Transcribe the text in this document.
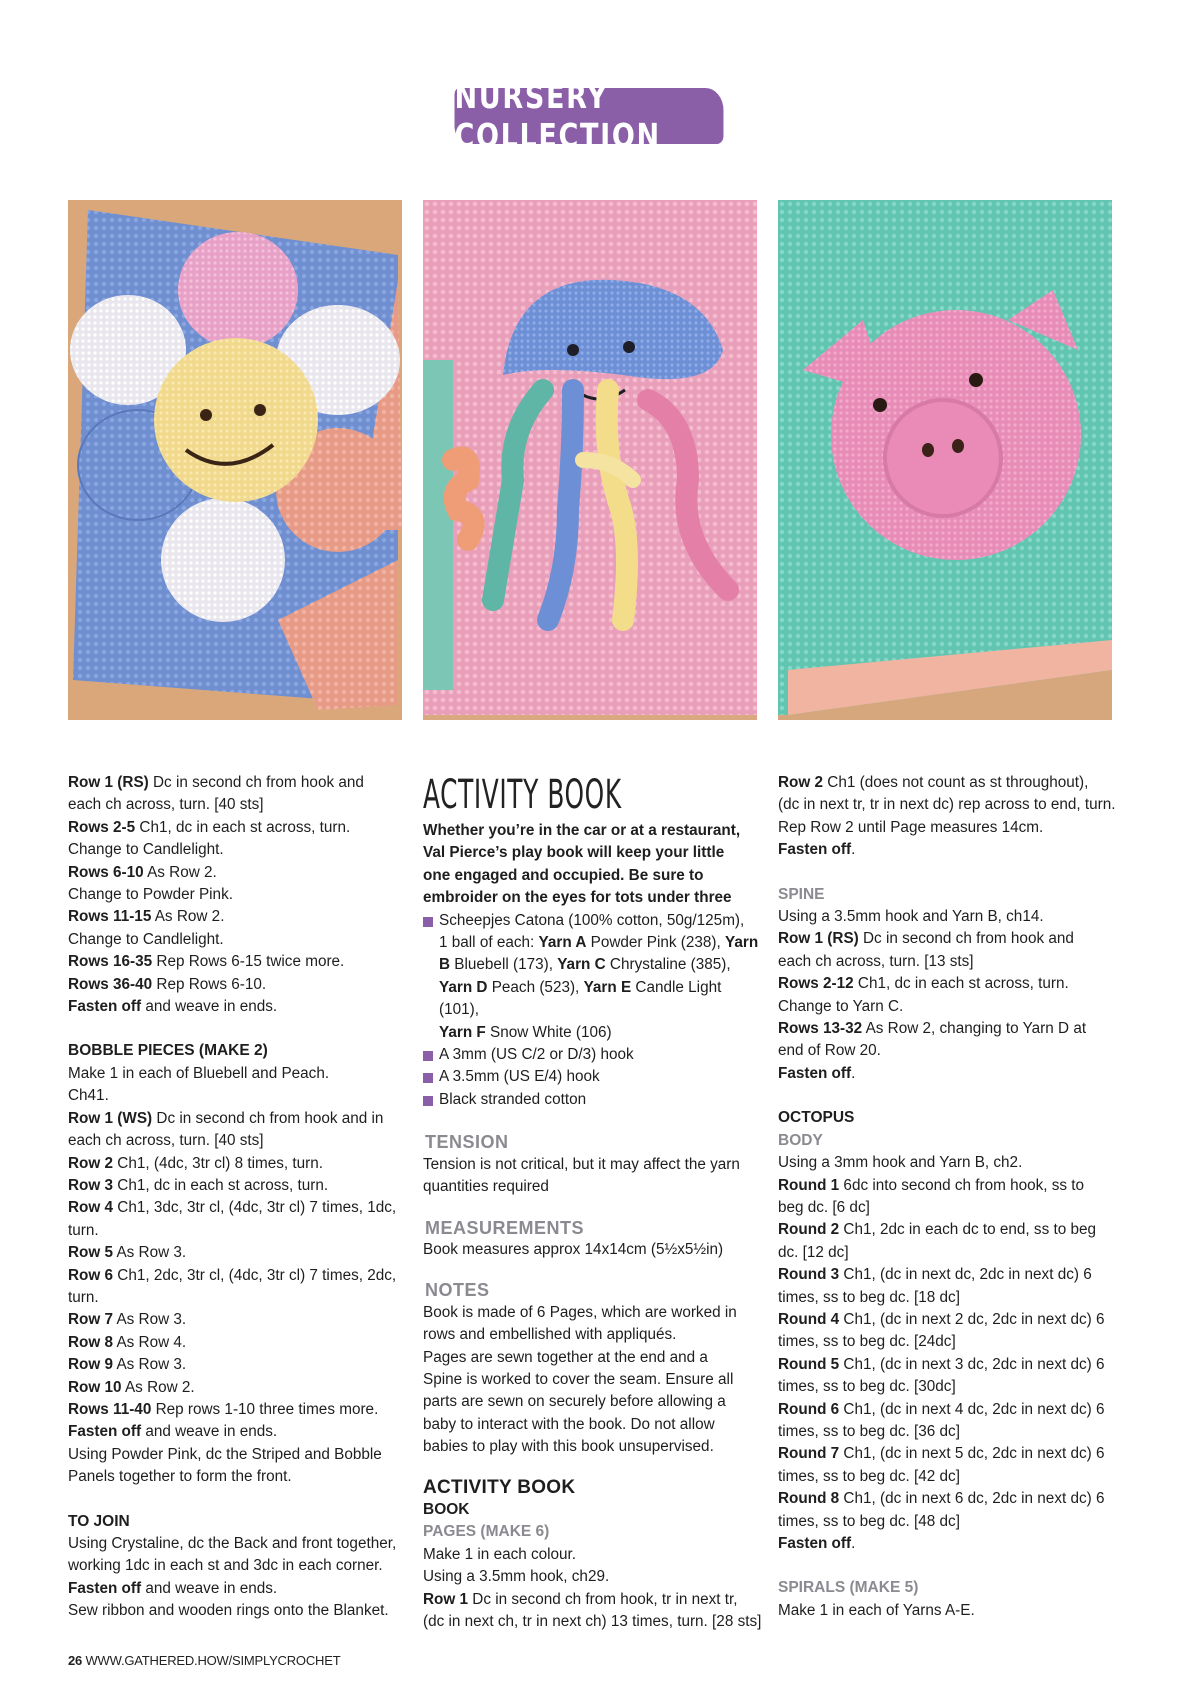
NURSERY COLLECTION

Row 1 (RS) Dc in second ch from hook and

each ch across, turn. [40 sts]

Rows 2-5 Ch1, dc in each st across, turn.

Change to Candlelight.

Rows 6-10 As Row 2.

Change to Powder Pink.

Rows 11-15 As Row 2.

Change to Candlelight.

Rows 16-35 Rep Rows 6-15 twice more.

Rows 36-40 Rep Rows 6-10.

Fasten off and weave in ends.

BOBBLE PIECES (MAKE 2)

Make 1 in each of Bluebell and Peach.

Ch41.

Row 1 (WS) Dc in second ch from hook and in

each ch across, turn. [40 sts]

Row 2 Ch1, (4dc, 3tr cl) 8 times, turn.

Row 3 Ch1, dc in each st across, turn.

Row 4 Ch1, 3dc, 3tr cl, (4dc, 3tr cl) 7 times, 1dc,

turn.

Row 5 As Row 3.

Row 6 Ch1, 2dc, 3tr cl, (4dc, 3tr cl) 7 times, 2dc,

turn.

Row 7 As Row 3.

Row 8 As Row 4.

Row 9 As Row 3.

Row 10 As Row 2.

Rows 11-40 Rep rows 1-10 three times more.

Fasten off and weave in ends.

Using Powder Pink, dc the Striped and Bobble

Panels together to form the front.

TO JOIN

Using Crystaline, dc the Back and front together,

working 1dc in each st and 3dc in each corner.

Fasten off and weave in ends.

Sew ribbon and wooden rings onto the Blanket.

ACTIVITY BOOK

Whether you’re in the car or at a restaurant,

Val Pierce’s play book will keep your little

one engaged and occupied. Be sure to

embroider on the eyes for tots under three

Scheepjes Catona (100% cotton, 50g/125m),
1 ball of each: Yarn A Powder Pink (238), Yarn

B Bluebell (173), Yarn C Chrystaline (385),

Yarn D Peach (523), Yarn E Candle Light (101),

Yarn F Snow White (106)

A 3mm (US C/2 or D/3) hook

A 3.5mm (US E/4) hook

Black stranded cotton

TENSION

Tension is not critical, but it may affect the yarn

quantities required

MEASUREMENTS

Book measures approx 14x14cm (5½x5½in)

NOTES

Book is made of 6 Pages, which are worked in

rows and embellished with appliqués.

Pages are sewn together at the end and a

Spine is worked to cover the seam. Ensure all

parts are sewn on securely before allowing a

baby to interact with the book. Do not allow

babies to play with this book unsupervised.

ACTIVITY BOOK

BOOK

PAGES (MAKE 6)

Make 1 in each colour.

Using a 3.5mm hook, ch29.

Row 1 Dc in second ch from hook, tr in next tr,

(dc in next ch, tr in next ch) 13 times, turn. [28 sts]

Row 2 Ch1 (does not count as st throughout),

(dc in next tr, tr in next dc) rep across to end, turn.

Rep Row 2 until Page measures 14cm.

Fasten off.

SPINE

Using a 3.5mm hook and Yarn B, ch14.

Row 1 (RS) Dc in second ch from hook and

each ch across, turn. [13 sts]

Rows 2-12 Ch1, dc in each st across, turn.

Change to Yarn C.

Rows 13-32 As Row 2, changing to Yarn D at

end of Row 20.

Fasten off.

OCTOPUS

BODY

Using a 3mm hook and Yarn B, ch2.

Round 1 6dc into second ch from hook, ss to

beg dc. [6 dc]

Round 2 Ch1, 2dc in each dc to end, ss to beg

dc. [12 dc]

Round 3 Ch1, (dc in next dc, 2dc in next dc) 6

times, ss to beg dc. [18 dc]

Round 4 Ch1, (dc in next 2 dc, 2dc in next dc) 6

times, ss to beg dc. [24dc]

Round 5 Ch1, (dc in next 3 dc, 2dc in next dc) 6

times, ss to beg dc. [30dc]

Round 6 Ch1, (dc in next 4 dc, 2dc in next dc) 6

times, ss to beg dc. [36 dc]

Round 7 Ch1, (dc in next 5 dc, 2dc in next dc) 6

times, ss to beg dc. [42 dc]

Round 8 Ch1, (dc in next 6 dc, 2dc in next dc) 6

times, ss to beg dc. [48 dc]

Fasten off.

SPIRALS (MAKE 5)

Make 1 in each of Yarns A-E.

26 WWW.GATHERED.HOW/SIMPLYCROCHET
